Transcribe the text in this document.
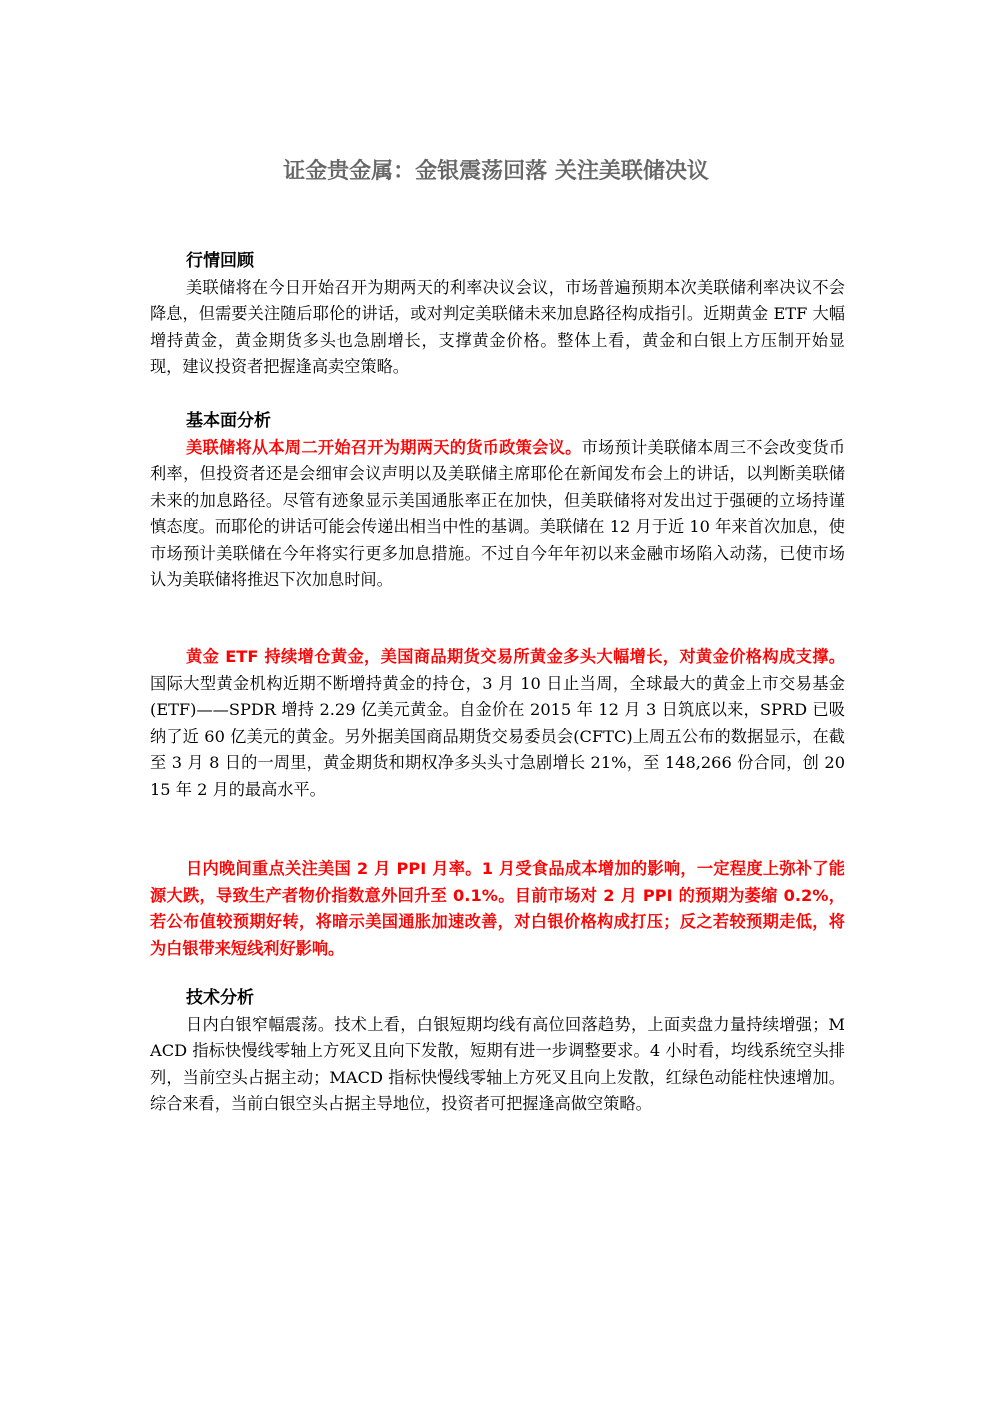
证金贵金属：金银震荡回落 关注美联储决议
行情回顾

美联储将在今日开始召开为期两天的利率决议会议，市场普遍预期本次美联储利率决议不会降息，但需要关注随后耶伦的讲话，或对判定美联储未来加息路径构成指引。近期黄金 ETF 大幅增持黄金，黄金期货多头也急剧增长，支撑黄金价格。整体上看，黄金和白银上方压制开始显现，建议投资者把握逢高卖空策略。

基本面分析

美联储将从本周二开始召开为期两天的货币政策会议。市场预计美联储本周三不会改变货币利率，但投资者还是会细审会议声明以及美联储主席耶伦在新闻发布会上的讲话，以判断美联储未来的加息路径。尽管有迹象显示美国通胀率正在加快，但美联储将对发出过于强硬的立场持谨慎态度。而耶伦的讲话可能会传递出相当中性的基调。美联储在 12 月于近 10 年来首次加息，使市场预计美联储在今年将实行更多加息措施。不过自今年年初以来金融市场陷入动荡，已使市场认为美联储将推迟下次加息时间。

黄金 ETF 持续增仓黄金，美国商品期货交易所黄金多头大幅增长，对黄金价格构成支撑。国际大型黄金机构近期不断增持黄金的持仓，3 月 10 日止当周，全球最大的黄金上市交易基金(ETF)——SPDR 增持 2.29 亿美元黄金。自金价在 2015 年 12 月 3 日筑底以来，SPRD 已吸纳了近 60 亿美元的黄金。另外据美国商品期货交易委员会(CFTC)上周五公布的数据显示，在截至 3 月 8 日的一周里，黄金期货和期权净多头头寸急剧增长 21%，至 148,266 份合同，创 2015 年 2 月的最高水平。

日内晚间重点关注美国 2 月 PPI 月率。1 月受食品成本增加的影响，一定程度上弥补了能源大跌，导致生产者物价指数意外回升至 0.1%。目前市场对 2 月 PPI 的预期为萎缩 0.2%，若公布值较预期好转，将暗示美国通胀加速改善，对白银价格构成打压；反之若较预期走低，将为白银带来短线利好影响。

技术分析

日内白银窄幅震荡。技术上看，白银短期均线有高位回落趋势，上面卖盘力量持续增强；MACD 指标快慢线零轴上方死叉且向下发散，短期有进一步调整要求。4 小时看，均线系统空头排列，当前空头占据主动；MACD 指标快慢线零轴上方死叉且向上发散，红绿色动能柱快速增加。综合来看，当前白银空头占据主导地位，投资者可把握逢高做空策略。
